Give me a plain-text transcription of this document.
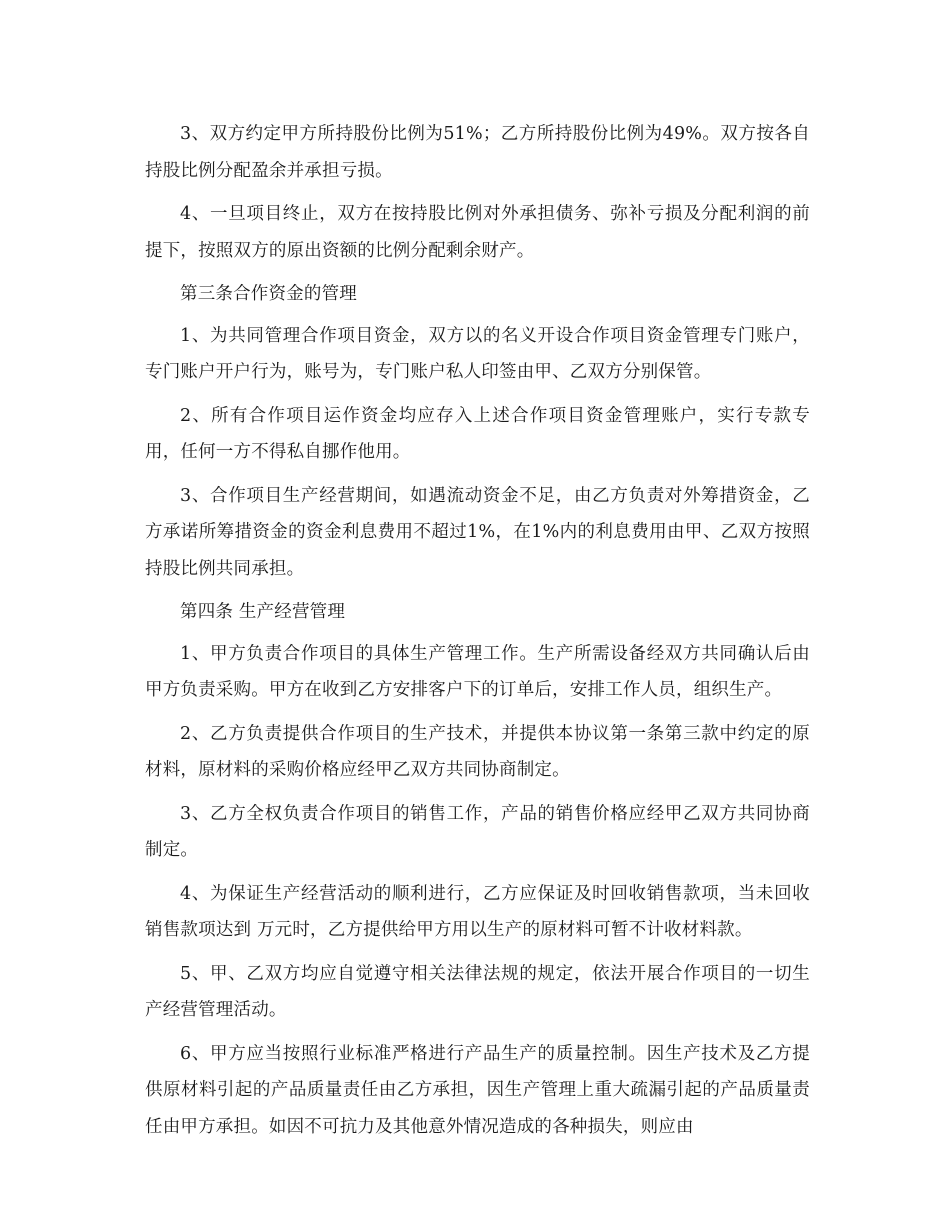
3、双方约定甲方所持股份比例为51%；乙方所持股份比例为49%。双方按各自持股比例分配盈余并承担亏损。

4、一旦项目终止，双方在按持股比例对外承担债务、弥补亏损及分配利润的前提下，按照双方的原出资额的比例分配剩余财产。

第三条合作资金的管理

1、为共同管理合作项目资金，双方以的名义开设合作项目资金管理专门账户，专门账户开户行为，账号为，专门账户私人印签由甲、乙双方分别保管。

2、所有合作项目运作资金均应存入上述合作项目资金管理账户，实行专款专用，任何一方不得私自挪作他用。

3、合作项目生产经营期间，如遇流动资金不足，由乙方负责对外筹措资金，乙方承诺所筹措资金的资金利息费用不超过1%，在1%内的利息费用由甲、乙双方按照持股比例共同承担。

第四条 生产经营管理

1、甲方负责合作项目的具体生产管理工作。生产所需设备经双方共同确认后由甲方负责采购。甲方在收到乙方安排客户下的订单后，安排工作人员，组织生产。

2、乙方负责提供合作项目的生产技术，并提供本协议第一条第三款中约定的原材料，原材料的采购价格应经甲乙双方共同协商制定。

3、乙方全权负责合作项目的销售工作，产品的销售价格应经甲乙双方共同协商制定。

4、为保证生产经营活动的顺利进行，乙方应保证及时回收销售款项，当未回收销售款项达到 万元时，乙方提供给甲方用以生产的原材料可暂不计收材料款。

5、甲、乙双方均应自觉遵守相关法律法规的规定，依法开展合作项目的一切生产经营管理活动。

6、甲方应当按照行业标准严格进行产品生产的质量控制。因生产技术及乙方提供原材料引起的产品质量责任由乙方承担，因生产管理上重大疏漏引起的产品质量责任由甲方承担。如因不可抗力及其他意外情况造成的各种损失，则应由
